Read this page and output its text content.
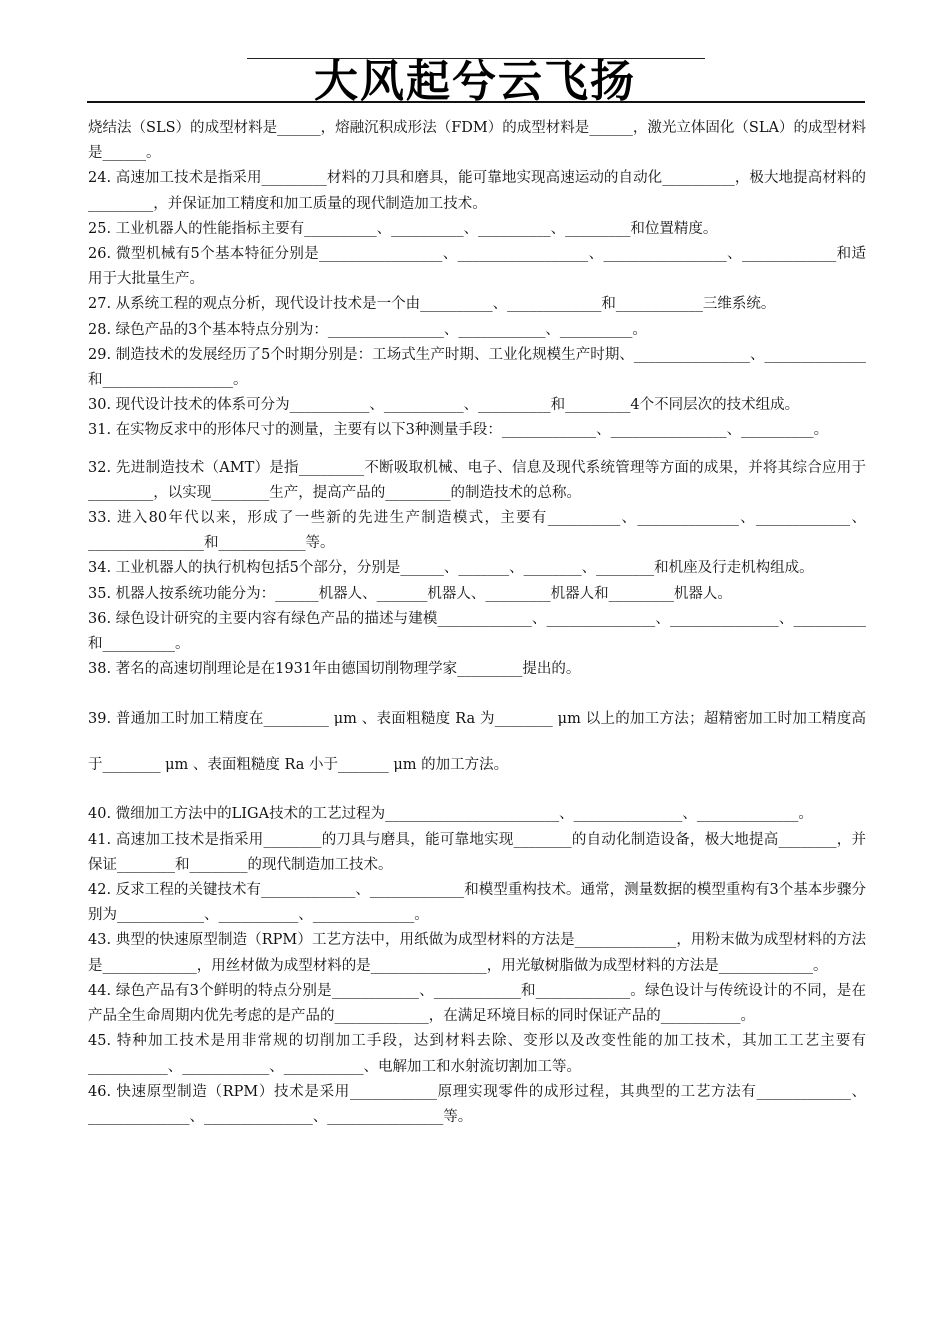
大风起兮云飞扬

烧结法（SLS）的成型材料是______，熔融沉积成形法（FDM）的成型材料是______，激光立体固化（SLA）的成型材料是______。

24. 高速加工技术是指采用_________材料的刀具和磨具，能可靠地实现高速运动的自动化__________，极大地提高材料的_________，并保证加工精度和加工质量的现代制造加工技术。

25. 工业机器人的性能指标主要有__________、__________、__________、_________和位置精度。

26. 微型机械有5个基本特征分别是_________________、__________________、_________________、_____________和适用于大批量生产。

27. 从系统工程的观点分析，现代设计技术是一个由__________、_____________和____________三维系统。

28. 绿色产品的3个基本特点分别为：________________、____________、__________。

29. 制造技术的发展经历了5个时期分别是：工场式生产时期、工业化规模生产时期、________________、______________和__________________。

30. 现代设计技术的体系可分为___________、___________、__________和_________4个不同层次的技术组成。

31. 在实物反求中的形体尺寸的测量，主要有以下3种测量手段：_____________、________________、__________。

32. 先进制造技术（AMT）是指_________不断吸取机械、电子、信息及现代系统管理等方面的成果，并将其综合应用于_________，以实现________生产，提高产品的_________的制造技术的总称。

33. 进入80年代以来，形成了一些新的先进生产制造模式，主要有__________、______________、_____________、________________和____________等。

34. 工业机器人的执行机构包括5个部分，分别是______、_______、________、________和机座及行走机构组成。

35. 机器人按系统功能分为：______机器人、_______机器人、_________机器人和_________机器人。

36. 绿色设计研究的主要内容有绿色产品的描述与建模_____________、_______________、_______________、__________和__________。

38. 著名的高速切削理论是在1931年由德国切削物理学家_________提出的。

39. 普通加工时加工精度在_________ μm 、表面粗糙度 Ra 为________ μm 以上的加工方法；超精密加工时加工精度高于________ μm 、表面粗糙度 Ra 小于_______ μm 的加工方法。

40. 微细加工方法中的LIGA技术的工艺过程为________________________、_______________、______________。

41. 高速加工技术是指采用________的刀具与磨具，能可靠地实现________的自动化制造设备，极大地提高________，并保证________和________的现代制造加工技术。

42. 反求工程的关键技术有_____________、_____________和模型重构技术。通常，测量数据的模型重构有3个基本步骤分别为____________、___________、______________。

43. 典型的快速原型制造（RPM）工艺方法中，用纸做为成型材料的方法是______________，用粉末做为成型材料的方法是_____________，用丝材做为成型材料的是________________，用光敏树脂做为成型材料的方法是_____________。

44. 绿色产品有3个鲜明的特点分别是____________、____________和_____________。绿色设计与传统设计的不同，是在产品全生命周期内优先考虑的是产品的_____________，在满足环境目标的同时保证产品的___________。

45. 特种加工技术是用非常规的切削加工手段，达到材料去除、变形以及改变性能的加工技术，其加工工艺主要有___________、____________、___________、电解加工和水射流切割加工等。

46. 快速原型制造（RPM）技术是采用____________原理实现零件的成形过程，其典型的工艺方法有_____________、______________、_______________、________________等。
